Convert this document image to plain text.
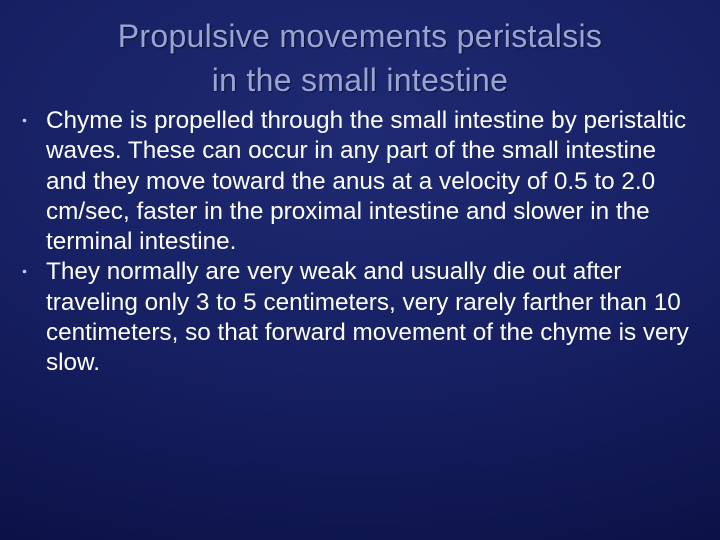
Propulsive movements peristalsis
in the small intestine
Chyme is propelled through the small intestine by peristaltic waves. These can occur in any part of the small intestine and they move toward the anus at a velocity of 0.5 to 2.0 cm/sec, faster in the proximal intestine and slower in the terminal intestine.
They normally are very weak and usually die out after traveling only 3 to 5 centimeters, very rarely farther than 10 centimeters, so that forward movement of the chyme is very slow.
